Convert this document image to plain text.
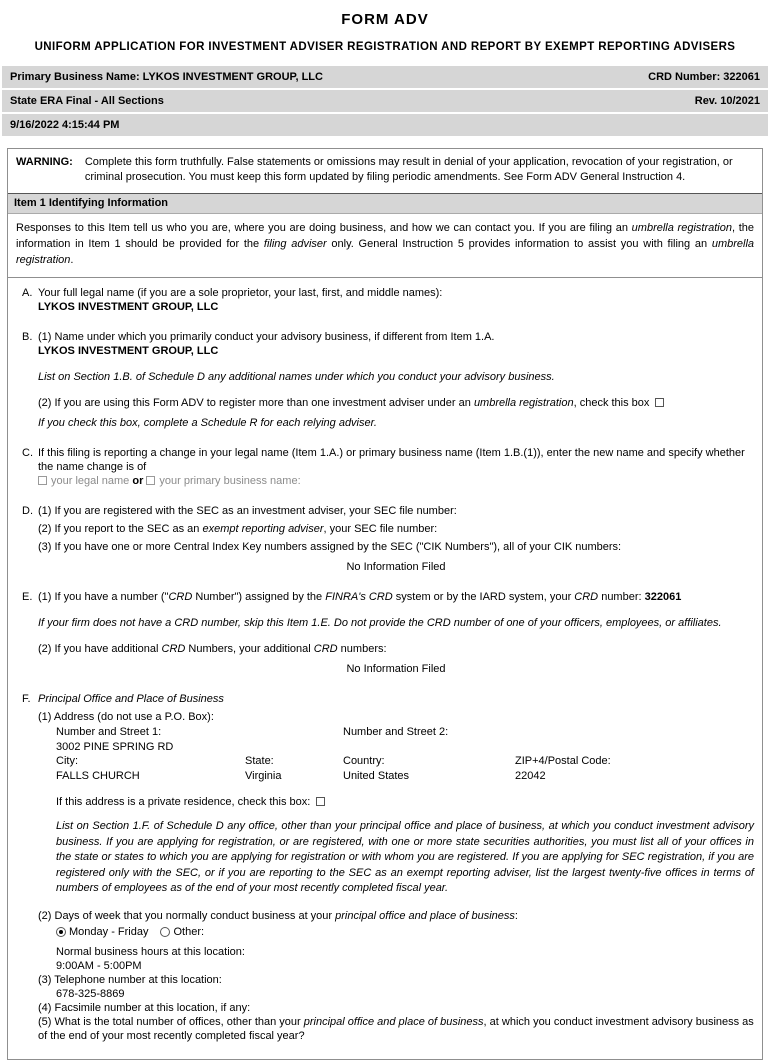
FORM ADV
UNIFORM APPLICATION FOR INVESTMENT ADVISER REGISTRATION AND REPORT BY EXEMPT REPORTING ADVISERS
Primary Business Name: LYKOS INVESTMENT GROUP, LLC	CRD Number: 322061
State ERA Final - All Sections	Rev. 10/2021
9/16/2022 4:15:44 PM
WARNING: Complete this form truthfully. False statements or omissions may result in denial of your application, revocation of your registration, or criminal prosecution. You must keep this form updated by filing periodic amendments. See Form ADV General Instruction 4.
Item 1 Identifying Information
Responses to this Item tell us who you are, where you are doing business, and how we can contact you. If you are filing an umbrella registration, the information in Item 1 should be provided for the filing adviser only. General Instruction 5 provides information to assist you with filing an umbrella registration.
A. Your full legal name (if you are a sole proprietor, your last, first, and middle names):
LYKOS INVESTMENT GROUP, LLC
B. (1) Name under which you primarily conduct your advisory business, if different from Item 1.A.
LYKOS INVESTMENT GROUP, LLC
List on Section 1.B. of Schedule D any additional names under which you conduct your advisory business.
(2) If you are using this Form ADV to register more than one investment adviser under an umbrella registration, check this box
If you check this box, complete a Schedule R for each relying adviser.
C. If this filing is reporting a change in your legal name (Item 1.A.) or primary business name (Item 1.B.(1)), enter the new name and specify whether the name change is of
your legal name or your primary business name:
D. (1) If you are registered with the SEC as an investment adviser, your SEC file number:
(2) If you report to the SEC as an exempt reporting adviser, your SEC file number:
(3) If you have one or more Central Index Key numbers assigned by the SEC ("CIK Numbers"), all of your CIK numbers:
No Information Filed
E. (1) If you have a number ("CRD Number") assigned by the FINRA's CRD system or by the IARD system, your CRD number: 322061
If your firm does not have a CRD number, skip this Item 1.E. Do not provide the CRD number of one of your officers, employees, or affiliates.
(2) If you have additional CRD Numbers, your additional CRD numbers:
No Information Filed
F. Principal Office and Place of Business
(1) Address (do not use a P.O. Box):
Number and Street 1:	Number and Street 2:
3002 PINE SPRING RD
City:	State:	Country:	ZIP+4/Postal Code:
FALLS CHURCH	Virginia	United States	22042
If this address is a private residence, check this box:
List on Section 1.F. of Schedule D any office, other than your principal office and place of business, at which you conduct investment advisory business. If you are applying for registration, or are registered, with one or more state securities authorities, you must list all of your offices in the state or states to which you are applying for registration or with whom you are registered. If you are applying for SEC registration, if you are registered only with the SEC, or if you are reporting to the SEC as an exempt reporting adviser, list the largest twenty-five offices in terms of numbers of employees as of the end of your most recently completed fiscal year.
(2) Days of week that you normally conduct business at your principal office and place of business:
Monday - Friday Other:
Normal business hours at this location:
9:00AM - 5:00PM
(3) Telephone number at this location:
678-325-8869
(4) Facsimile number at this location, if any:
(5) What is the total number of offices, other than your principal office and place of business, at which you conduct investment advisory business as of the end of your most recently completed fiscal year?
